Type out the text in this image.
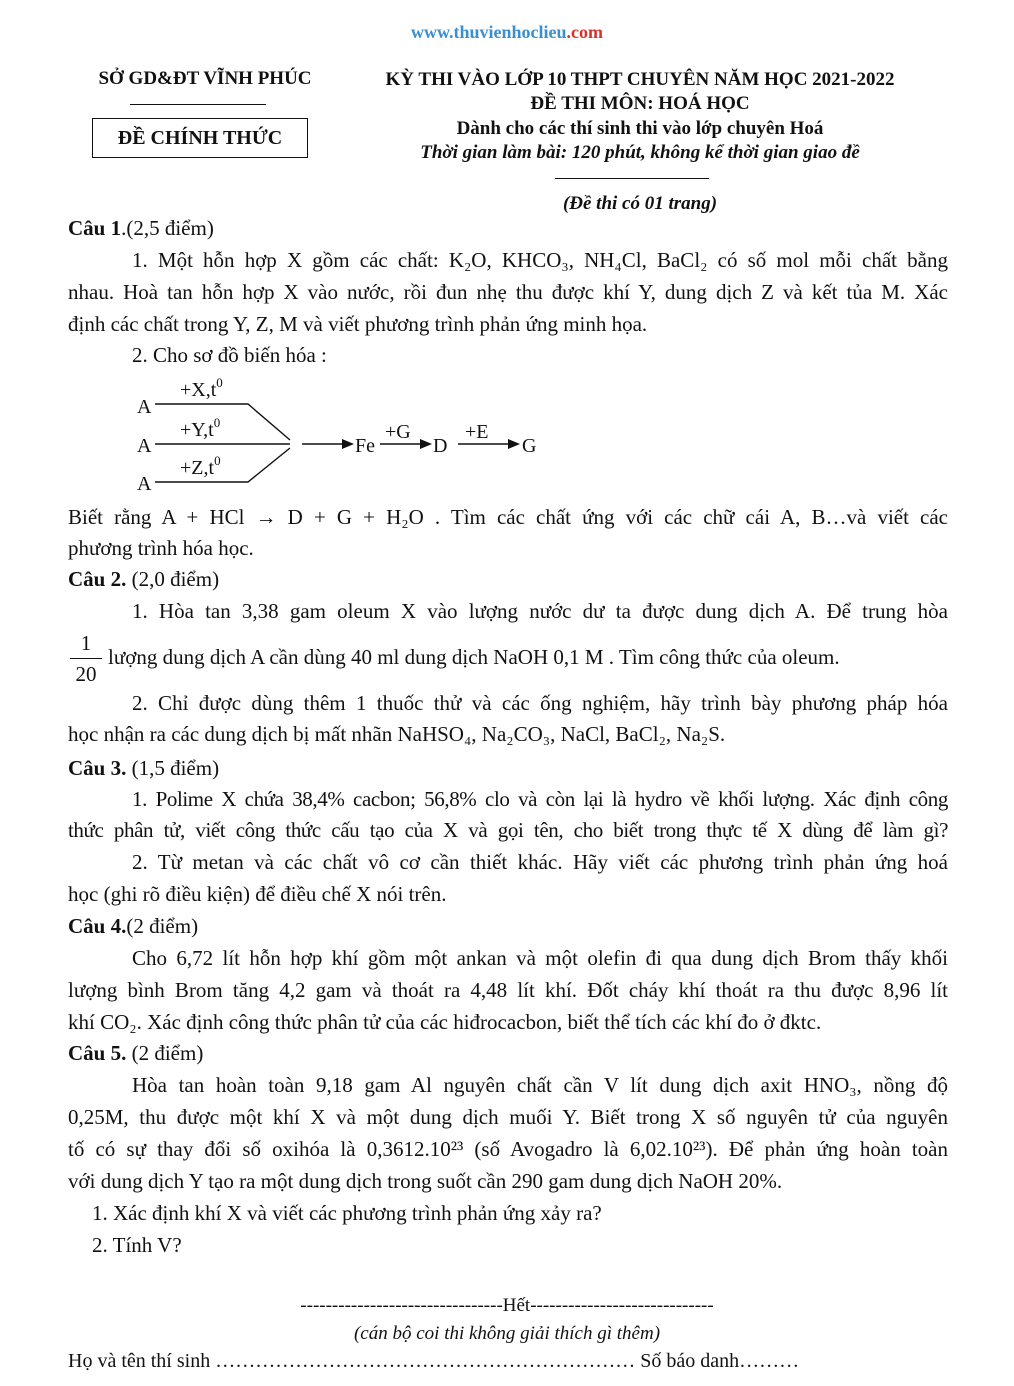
www.thuvienhoclieu.com
SỞ GD&ĐT VĨNH PHÚC
ĐỀ CHÍNH THỨC
KỲ THI VÀO LỚP 10 THPT CHUYÊN NĂM HỌC 2021-2022
ĐỀ THI MÔN: HOÁ HỌC
Dành cho các thí sinh thi vào lớp chuyên Hoá
Thời gian làm bài: 120 phút, không kể thời gian giao đề
(Đề thi có 01 trang)
Câu 1.(2,5 điểm)
1. Một hỗn hợp X gồm các chất: K₂O, KHCO₃, NH₄Cl, BaCl₂ có số mol mỗi chất bằng
nhau. Hoà tan hỗn hợp X vào nước, rồi đun nhẹ thu được khí Y, dung dịch Z và kết tủa M. Xác
định các chất trong Y, Z, M và viết phương trình phản ứng minh họa.
2. Cho sơ đồ biến hóa :
A
A
A
$+X,t^0$
$+Y,t^0$
$+Z,t^0$
Fe
+G
D
+E
G
Biết rằng A + HCl → D + G + H₂O . Tìm các chất ứng với các chữ cái A, B…và viết các
phương trình hóa học.
Câu 2. (2,0 điểm)
1. Hòa tan 3,38 gam oleum X vào lượng nước dư ta được dung dịch A. Để trung hòa
1
20
lượng dung dịch A cần dùng 40 ml dung dịch NaOH 0,1 M . Tìm công thức của oleum.
2. Chỉ được dùng thêm 1 thuốc thử và các ống nghiệm, hãy trình bày phương pháp hóa
học nhận ra các dung dịch bị mất nhãn NaHSO₄, Na₂CO₃, NaCl, BaCl₂, Na₂S.
Câu 3. (1,5 điểm)
1. Polime X chứa 38,4% cacbon; 56,8% clo và còn lại là hydro về khối lượng. Xác định công
thức phân tử, viết công thức cấu tạo của X và gọi tên, cho biết trong thực tế X dùng để làm gì?
2. Từ metan và các chất vô cơ cần thiết khác. Hãy viết các phương trình phản ứng hoá
học (ghi rõ điều kiện) để điều chế X nói trên.
Câu 4.(2 điểm)
Cho 6,72 lít hỗn hợp khí gồm một ankan và một olefin đi qua dung dịch Brom thấy khối
lượng bình Brom tăng 4,2 gam và thoát ra 4,48 lít khí. Đốt cháy khí thoát ra thu được 8,96 lít
khí CO₂. Xác định công thức phân tử của các hiđrocacbon, biết thể tích các khí đo ở đktc.
Câu 5. (2 điểm)
Hòa tan hoàn toàn 9,18 gam Al nguyên chất cần V lít dung dịch axit HNO₃, nồng độ
0,25M, thu được một khí X và một dung dịch muối Y. Biết trong X số nguyên tử của nguyên
tố có sự thay đổi số oxihóa là 0,3612.10²³ (số Avogadro là 6,02.10²³). Để phản ứng hoàn toàn
với dung dịch Y tạo ra một dung dịch trong suốt cần 290 gam dung dịch NaOH 20%.
1. Xác định khí X và viết các phương trình phản ứng xảy ra?
2. Tính V?
--------------------------------Hết-----------------------------
(cán bộ coi thi không giải thích gì thêm)
Họ và tên thí sinh ……………………………………………………… Số báo danh………
